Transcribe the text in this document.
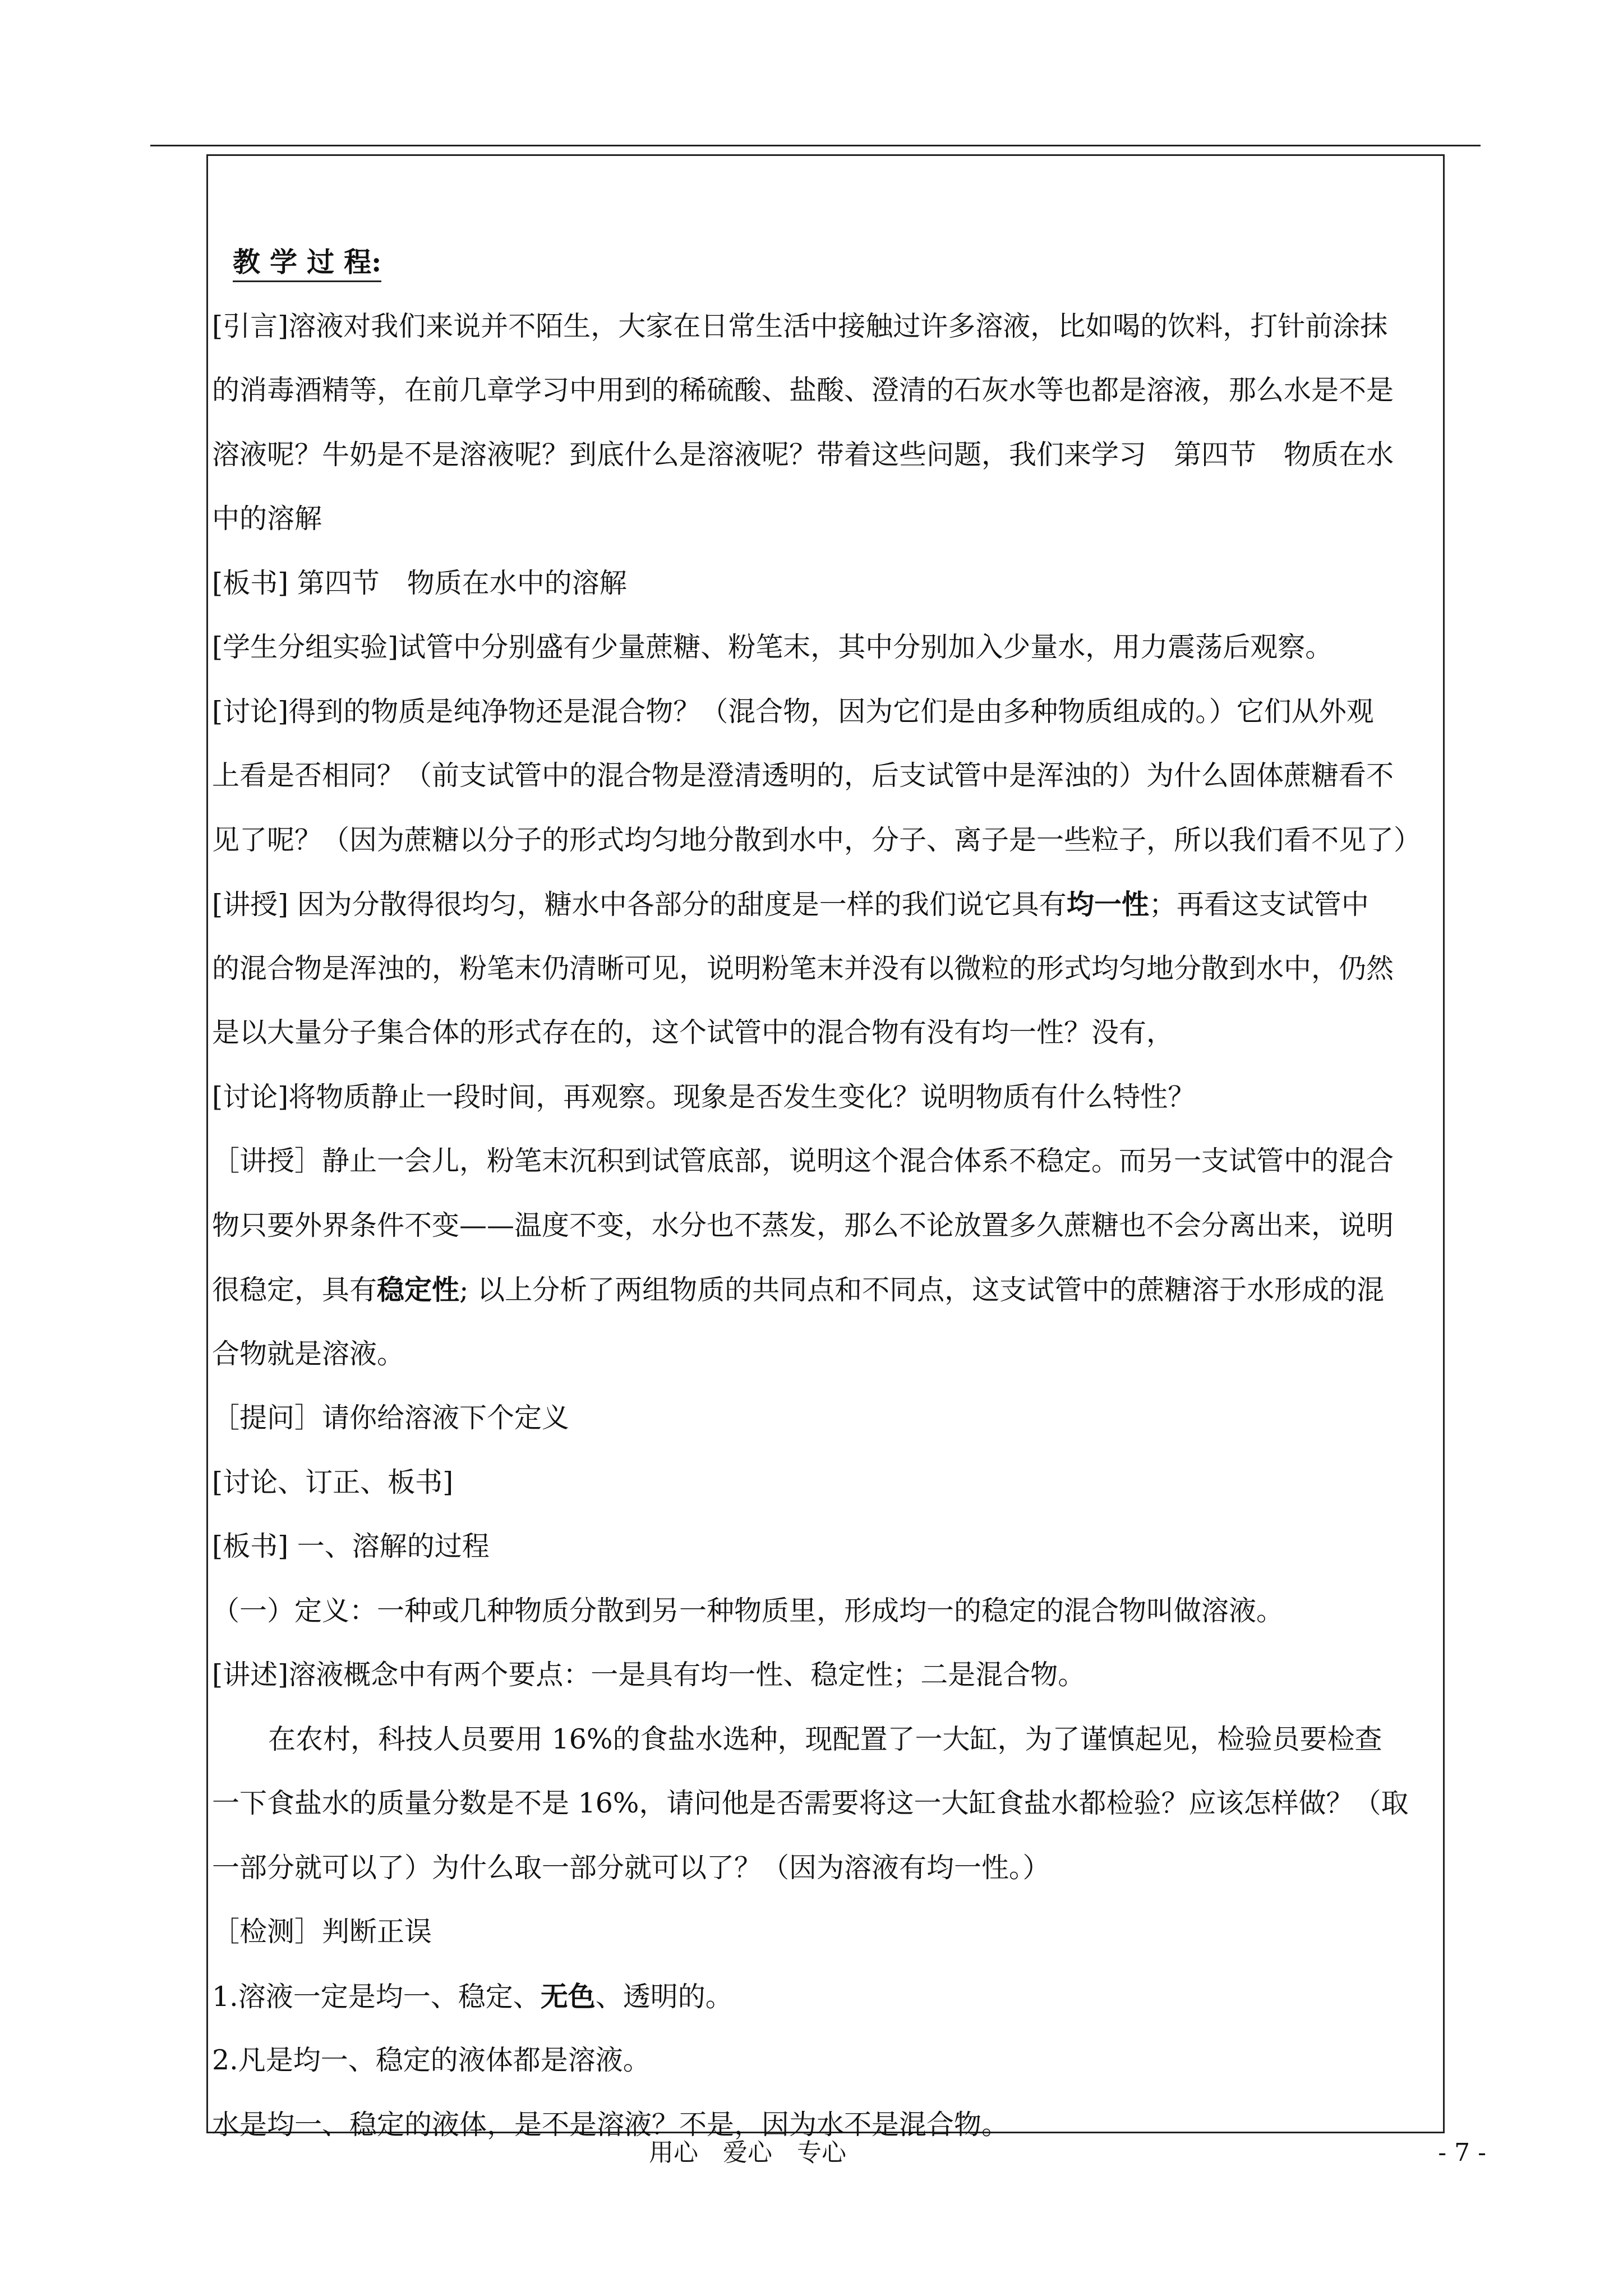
教 学 过 程:
[引言]溶液对我们来说并不陌生，大家在日常生活中接触过许多溶液，比如喝的饮料，打针前涂抹
的消毒酒精等，在前几章学习中用到的稀硫酸、盐酸、澄清的石灰水等也都是溶液，那么水是不是
溶液呢？牛奶是不是溶液呢？到底什么是溶液呢？带着这些问题，我们来学习　第四节　物质在水
中的溶解
[板书] 第四节　物质在水中的溶解
[学生分组实验]试管中分别盛有少量蔗糖、粉笔末，其中分别加入少量水，用力震荡后观察。
[讨论]得到的物质是纯净物还是混合物？（混合物，因为它们是由多种物质组成的。）它们从外观
上看是否相同？（前支试管中的混合物是澄清透明的，后支试管中是浑浊的）为什么固体蔗糖看不
见了呢？（因为蔗糖以分子的形式均匀地分散到水中，分子、离子是一些粒子，所以我们看不见了）
[讲授] 因为分散得很均匀，糖水中各部分的甜度是一样的我们说它具有均一性；再看这支试管中
的混合物是浑浊的，粉笔末仍清晰可见，说明粉笔末并没有以微粒的形式均匀地分散到水中，仍然
是以大量分子集合体的形式存在的，这个试管中的混合物有没有均一性？没有，
[讨论]将物质静止一段时间，再观察。现象是否发生变化？说明物质有什么特性？
［讲授］静止一会儿，粉笔末沉积到试管底部，说明这个混合体系不稳定。而另一支试管中的混合
物只要外界条件不变——温度不变，水分也不蒸发，那么不论放置多久蔗糖也不会分离出来，说明
很稳定，具有稳定性; 以上分析了两组物质的共同点和不同点，这支试管中的蔗糖溶于水形成的混
合物就是溶液。
［提问］请你给溶液下个定义
[讨论、订正、板书]
[板书] 一、溶解的过程
（一）定义：一种或几种物质分散到另一种物质里，形成均一的稳定的混合物叫做溶液。
[讲述]溶液概念中有两个要点：一是具有均一性、稳定性；二是混合物。
在农村，科技人员要用 16%的食盐水选种，现配置了一大缸，为了谨慎起见，检验员要检查
一下食盐水的质量分数是不是 16%，请问他是否需要将这一大缸食盐水都检验？应该怎样做？（取
一部分就可以了）为什么取一部分就可以了？（因为溶液有均一性。）
［检测］判断正误
1.溶液一定是均一、稳定、无色、透明的。
2.凡是均一、稳定的液体都是溶液。
水是均一、稳定的液体，是不是溶液？不是，因为水不是混合物。
用心　爱心　专心	- 7 -
